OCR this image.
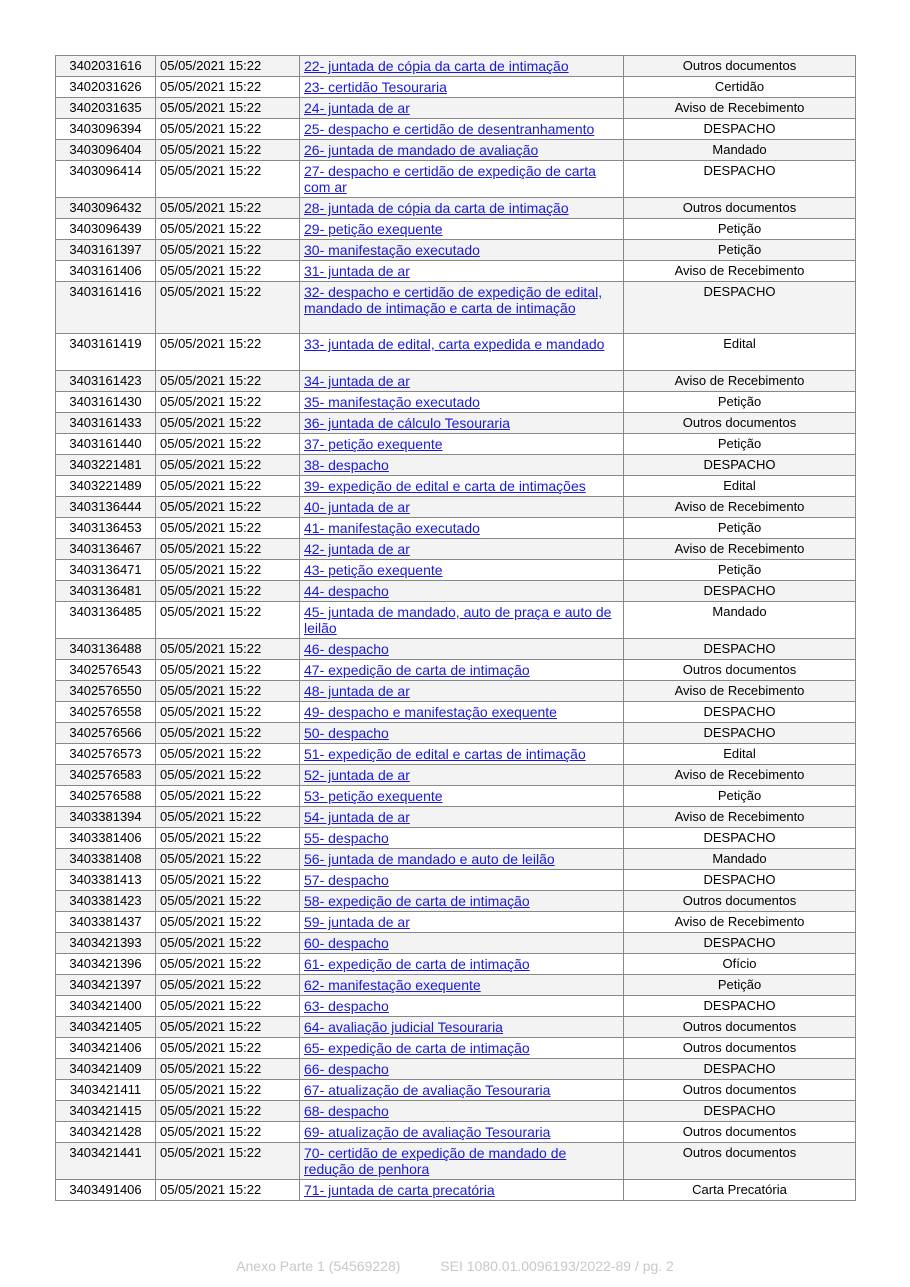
3402031616	05/05/2021 15:22	22- juntada de cópia da carta de intimação	Outros documentos
3402031626	05/05/2021 15:22	23- certidão Tesouraria	Certidão
3402031635	05/05/2021 15:22	24- juntada de ar	Aviso de Recebimento
3403096394	05/05/2021 15:22	25- despacho e certidão de desentranhamento	DESPACHO
3403096404	05/05/2021 15:22	26- juntada de mandado de avaliação	Mandado
3403096414	05/05/2021 15:22	27- despacho e certidão de expedição de carta com ar	DESPACHO
3403096432	05/05/2021 15:22	28- juntada de cópia da carta de intimação	Outros documentos
3403096439	05/05/2021 15:22	29- petição exequente	Petição
3403161397	05/05/2021 15:22	30- manifestação executado	Petição
3403161406	05/05/2021 15:22	31- juntada de ar	Aviso de Recebimento
3403161416	05/05/2021 15:22	32- despacho e certidão de expedição de edital, mandado de intimação e carta de intimação	DESPACHO
3403161419	05/05/2021 15:22	33- juntada de edital, carta expedida e mandado	Edital
3403161423	05/05/2021 15:22	34- juntada de ar	Aviso de Recebimento
3403161430	05/05/2021 15:22	35- manifestação executado	Petição
3403161433	05/05/2021 15:22	36- juntada de cálculo Tesouraria	Outros documentos
3403161440	05/05/2021 15:22	37- petição exequente	Petição
3403221481	05/05/2021 15:22	38- despacho	DESPACHO
3403221489	05/05/2021 15:22	39- expedição de edital e carta de intimações	Edital
3403136444	05/05/2021 15:22	40- juntada de ar	Aviso de Recebimento
3403136453	05/05/2021 15:22	41- manifestação executado	Petição
3403136467	05/05/2021 15:22	42- juntada de ar	Aviso de Recebimento
3403136471	05/05/2021 15:22	43- petição exequente	Petição
3403136481	05/05/2021 15:22	44- despacho	DESPACHO
3403136485	05/05/2021 15:22	45- juntada de mandado, auto de praça e auto de leilão	Mandado
3403136488	05/05/2021 15:22	46- despacho	DESPACHO
3402576543	05/05/2021 15:22	47- expedição de carta de intimação	Outros documentos
3402576550	05/05/2021 15:22	48- juntada de ar	Aviso de Recebimento
3402576558	05/05/2021 15:22	49- despacho e manifestação exequente	DESPACHO
3402576566	05/05/2021 15:22	50- despacho	DESPACHO
3402576573	05/05/2021 15:22	51- expedição de edital e cartas de intimação	Edital
3402576583	05/05/2021 15:22	52- juntada de ar	Aviso de Recebimento
3402576588	05/05/2021 15:22	53- petição exequente	Petição
3403381394	05/05/2021 15:22	54- juntada de ar	Aviso de Recebimento
3403381406	05/05/2021 15:22	55- despacho	DESPACHO
3403381408	05/05/2021 15:22	56- juntada de mandado e auto de leilão	Mandado
3403381413	05/05/2021 15:22	57- despacho	DESPACHO
3403381423	05/05/2021 15:22	58- expedição de carta de intimação	Outros documentos
3403381437	05/05/2021 15:22	59- juntada de ar	Aviso de Recebimento
3403421393	05/05/2021 15:22	60- despacho	DESPACHO
3403421396	05/05/2021 15:22	61- expedição de carta de intimação	Ofício
3403421397	05/05/2021 15:22	62- manifestação exequente	Petição
3403421400	05/05/2021 15:22	63- despacho	DESPACHO
3403421405	05/05/2021 15:22	64- avaliação judicial Tesouraria	Outros documentos
3403421406	05/05/2021 15:22	65- expedição de carta de intimação	Outros documentos
3403421409	05/05/2021 15:22	66- despacho	DESPACHO
3403421411	05/05/2021 15:22	67- atualização de avaliação Tesouraria	Outros documentos
3403421415	05/05/2021 15:22	68- despacho	DESPACHO
3403421428	05/05/2021 15:22	69- atualização de avaliação Tesouraria	Outros documentos
3403421441	05/05/2021 15:22	70- certidão de expedição de mandado de redução de penhora	Outros documentos
3403491406	05/05/2021 15:22	71- juntada de carta precatória	Carta Precatória
Anexo Parte 1 (54569228)	SEI 1080.01.0096193/2022-89 / pg. 2
